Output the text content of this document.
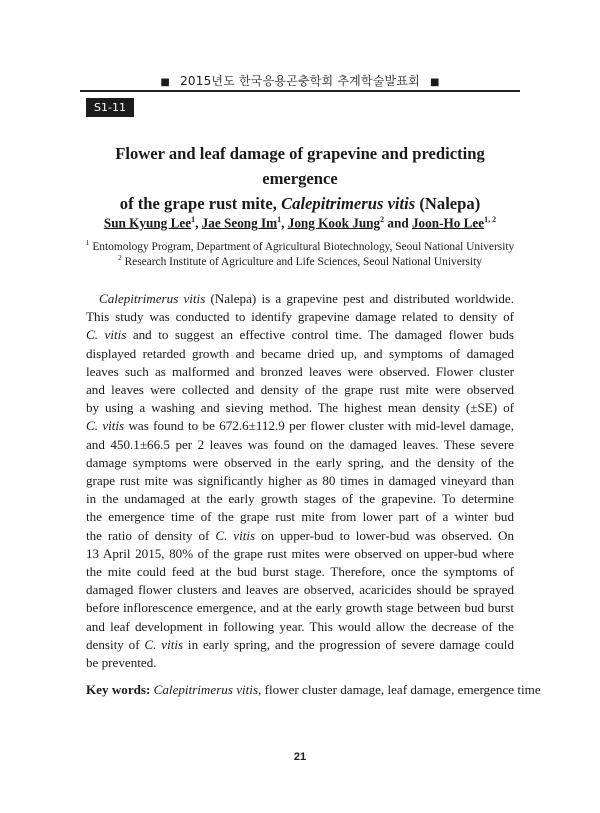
■ 2015년도 한국응용곤충학회 추계학술발표회 ■
S1-11
Flower and leaf damage of grapevine and predicting emergence
of the grape rust mite, Calepitrimerus vitis (Nalepa)
Sun Kyung Lee$^1$, Jae Seong Im$^1$, Jong Kook Jung$^2$ and Joon-Ho Lee$^{1, 2}$
$^1$ Entomology Program, Department of Agricultural Biotechnology, Seoul National University
$^2$ Research Institute of Agriculture and Life Sciences, Seoul National University
Calepitrimerus vitis (Nalepa) is a grapevine pest and distributed worldwide.
This study was conducted to identify grapevine damage related to density of
C. vitis and to suggest an effective control time. The damaged flower buds
displayed retarded growth and became dried up, and symptoms of damaged
leaves such as malformed and bronzed leaves were observed. Flower cluster
and leaves were collected and density of the grape rust mite were observed
by using a washing and sieving method. The highest mean density (±SE) of
C. vitis was found to be 672.6±112.9 per flower cluster with mid-level damage,
and 450.1±66.5 per 2 leaves was found on the damaged leaves. These severe
damage symptoms were observed in the early spring, and the density of the
grape rust mite was significantly higher as 80 times in damaged vineyard than
in the undamaged at the early growth stages of the grapevine. To determine
the emergence time of the grape rust mite from lower part of a winter bud
the ratio of density of C. vitis on upper-bud to lower-bud was observed. On
13 April 2015, 80% of the grape rust mites were observed on upper-bud where
the mite could feed at the bud burst stage. Therefore, once the symptoms of
damaged flower clusters and leaves are observed, acaricides should be sprayed
before inflorescence emergence, and at the early growth stage between bud burst
and leaf development in following year. This would allow the decrease of the
density of C. vitis in early spring, and the progression of severe damage could
be prevented.
Key words: Calepitrimerus vitis, flower cluster damage, leaf damage, emergence time
21
